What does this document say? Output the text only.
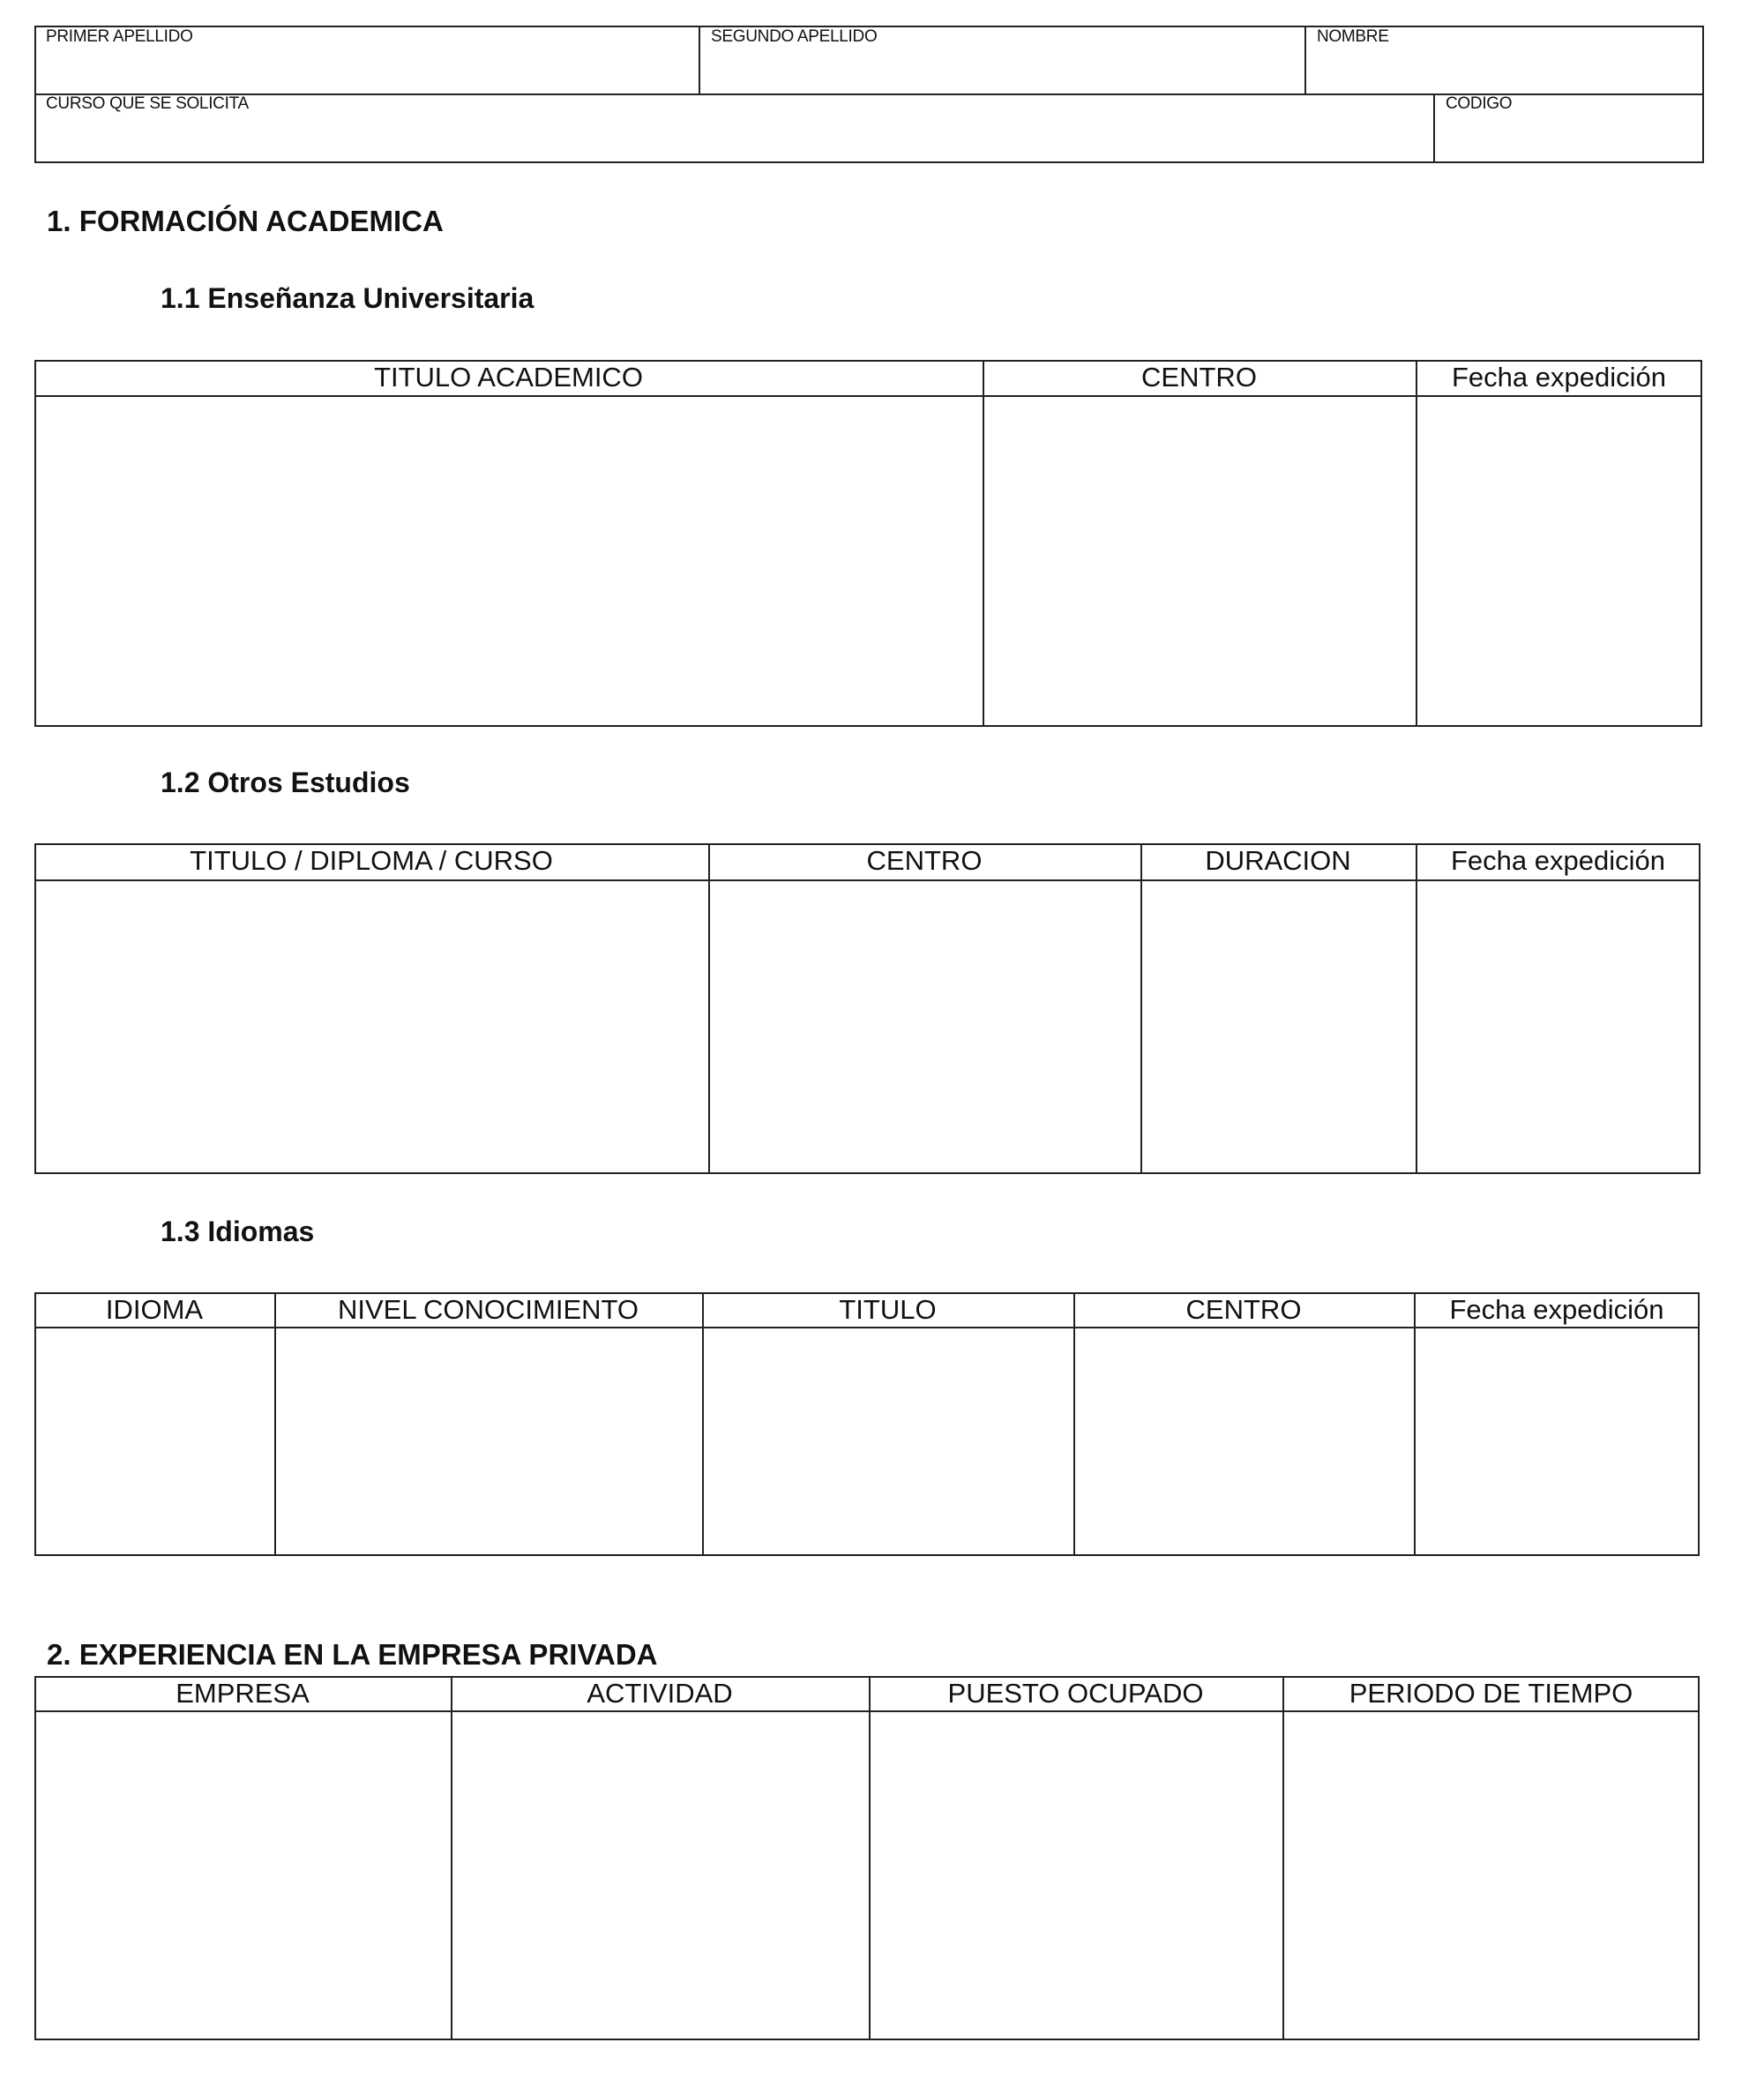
PRIMER APELLIDO	SEGUNDO APELLIDO	NOMBRE
CURSO QUE SE SOLICITA	CODIGO
1. FORMACIÓN ACADEMICA
1.1 Enseñanza Universitaria
TITULO ACADEMICO	CENTRO	Fecha expedición
1.2 Otros Estudios
TITULO / DIPLOMA / CURSO	CENTRO	DURACION	Fecha expedición
1.3 Idiomas
IDIOMA	NIVEL CONOCIMIENTO	TITULO	CENTRO	Fecha expedición
2. EXPERIENCIA EN LA EMPRESA PRIVADA
EMPRESA	ACTIVIDAD	PUESTO OCUPADO	PERIODO DE TIEMPO
